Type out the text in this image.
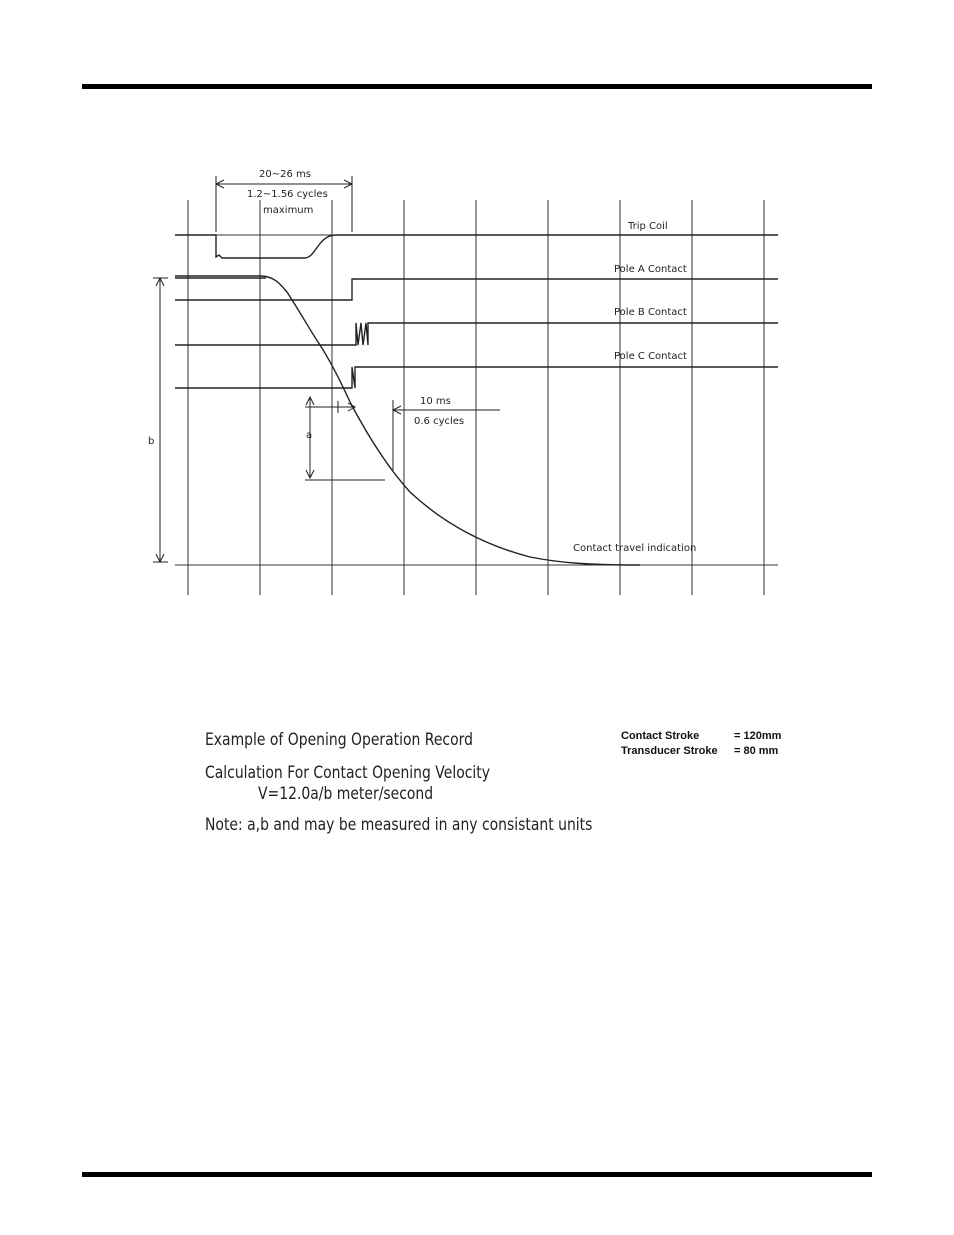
b
a
10 ms
0.6 cycles
20~26 ms
1.2~1.56 cycles
maximum
Trip Coil
Pole A Contact
Pole B Contact
Pole C Contact
Contact travel indication
Example of Opening Operation Record
Calculation For Contact Opening Velocity
V=12.0a/b meter/second
Note: a,b and may be measured in any consistant units
Contact Stroke	= 120mm
Transducer Stroke = 80 mm
